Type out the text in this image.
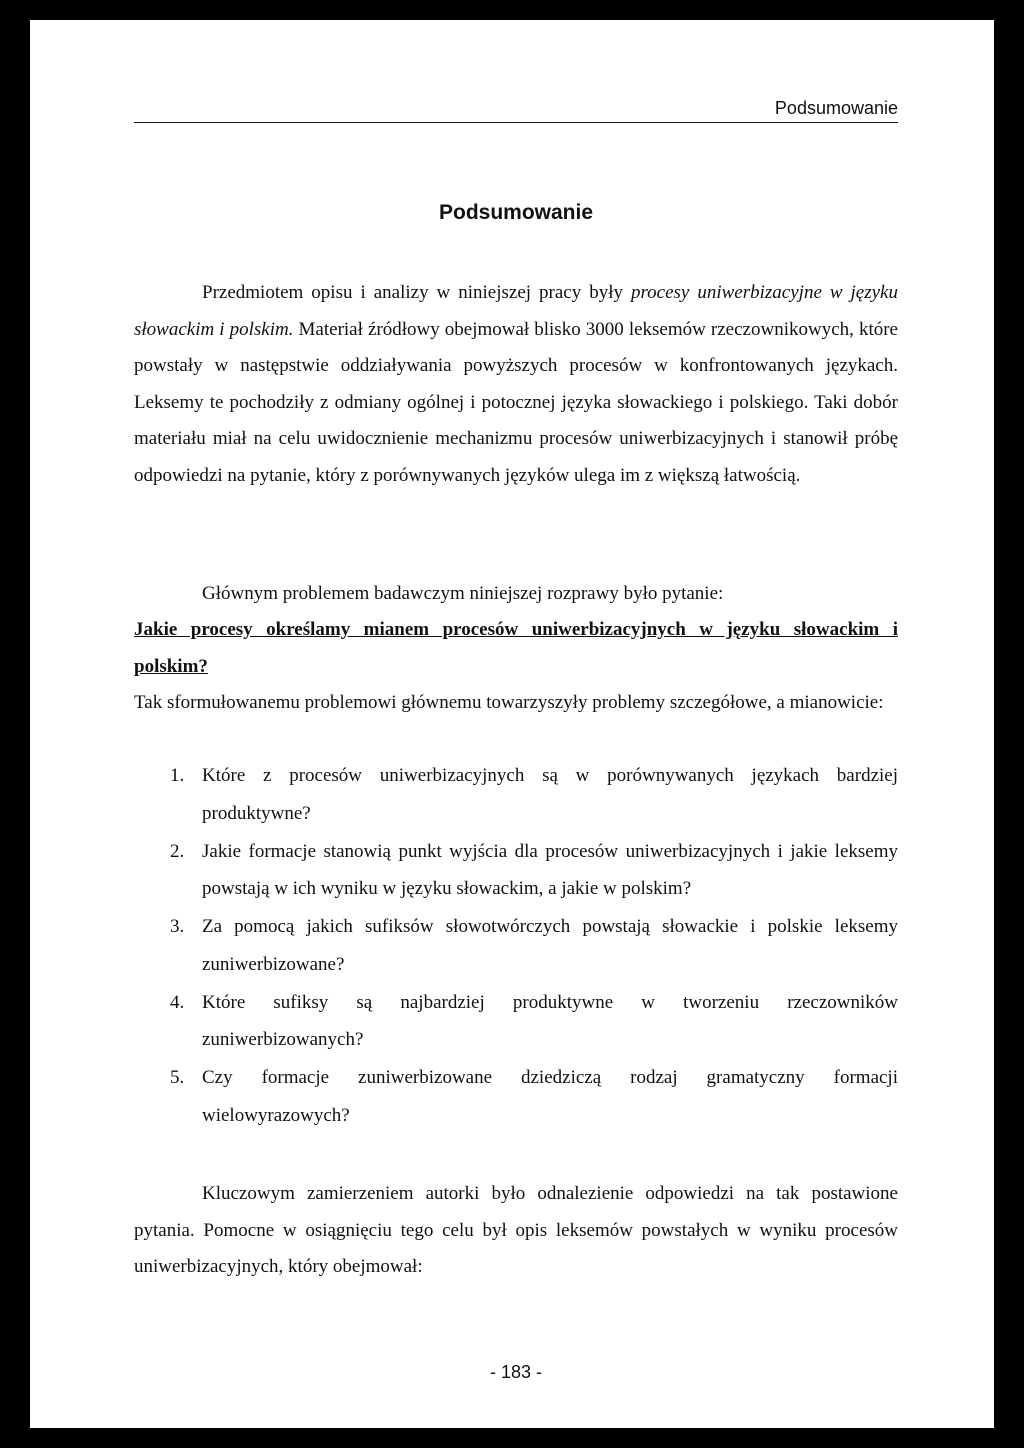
Podsumowanie
Podsumowanie

Przedmiotem opisu i analizy w niniejszej pracy były procesy uniwerbizacyjne w języku słowackim i polskim. Materiał źródłowy obejmował blisko 3000 leksemów rzeczownikowych, które powstały w następstwie oddziaływania powyższych procesów w konfrontowanych językach. Leksemy te pochodziły z odmiany ogólnej i potocznej języka słowackiego i polskiego. Taki dobór materiału miał na celu uwidocznienie mechanizmu procesów uniwerbizacyjnych i stanowił próbę odpowiedzi na pytanie, który z porównywanych języków ulega im z większą łatwością.

Głównym problemem badawczym niniejszej rozprawy było pytanie:

Jakie procesy określamy mianem procesów uniwerbizacyjnych w języku słowackim i polskim?

Tak sformułowanemu problemowi głównemu towarzyszyły problemy szczegółowe, a mianowicie:

1. Które z procesów uniwerbizacyjnych są w porównywanych językach bardziej produktywne?
2. Jakie formacje stanowią punkt wyjścia dla procesów uniwerbizacyjnych i jakie leksemy powstają w ich wyniku w języku słowackim, a jakie w polskim?
3. Za pomocą jakich sufiksów słowotwórczych powstają słowackie i polskie leksemy zuniwerbizowane?
4. Które sufiksy są najbardziej produktywne w tworzeniu rzeczowników zuniwerbizowanych?
5. Czy formacje zuniwerbizowane dziedziczą rodzaj gramatyczny formacji wielowyrazowych?

Kluczowym zamierzeniem autorki było odnalezienie odpowiedzi na tak postawione pytania. Pomocne w osiągnięciu tego celu był opis leksemów powstałych w wyniku procesów uniwerbizacyjnych, który obejmował:

- 183 -
